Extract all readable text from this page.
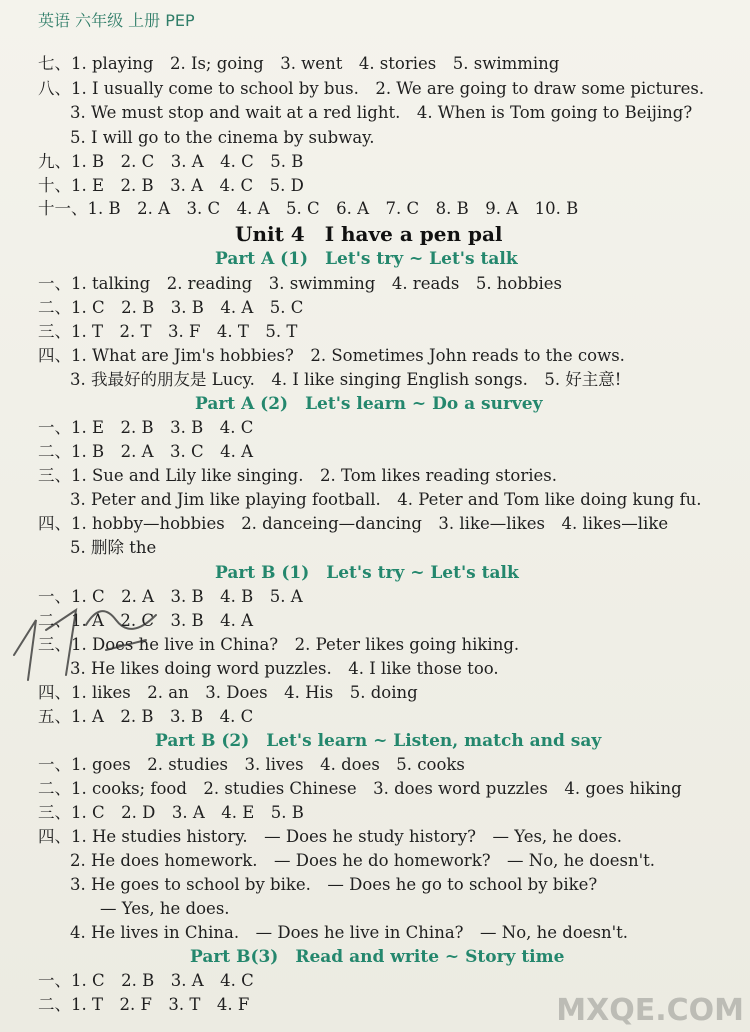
英语 六年级 上册 PEP
七、1. playing　2. Is; going　3. went　4. stories　5. swimming
八、1. I usually come to school by bus.　2. We are going to draw some pictures.
3. We must stop and wait at a red light.　4. When is Tom going to Beijing?
5. I will go to the cinema by subway.
九、1. B　2. C　3. A　4. C　5. B
十、1. E　2. B　3. A　4. C　5. D
十一、1. B　2. A　3. C　4. A　5. C　6. A　7. C　8. B　9. A　10. B
Unit 4　I have a pen pal
Part A (1)　Let's try ~ Let's talk
一、1. talking　2. reading　3. swimming　4. reads　5. hobbies
二、1. C　2. B　3. B　4. A　5. C
三、1. T　2. T　3. F　4. T　5. T
四、1. What are Jim's hobbies?　2. Sometimes John reads to the cows.
3. 我最好的朋友是 Lucy.　4. I like singing English songs.　5. 好主意!
Part A (2)　Let's learn ~ Do a survey
一、1. E　2. B　3. B　4. C
二、1. B　2. A　3. C　4. A
三、1. Sue and Lily like singing.　2. Tom likes reading stories.
3. Peter and Jim like playing football.　4. Peter and Tom like doing kung fu.
四、1. hobby—hobbies　2. danceing—dancing　3. like—likes　4. likes—like
5. 删除 the
Part B (1)　Let's try ~ Let's talk
一、1. C　2. A　3. B　4. B　5. A
二、1. A　2. C　3. B　4. A
三、1. Does he live in China?　2. Peter likes going hiking.
3. He likes doing word puzzles.　4. I like those too.
四、1. likes　2. an　3. Does　4. His　5. doing
五、1. A　2. B　3. B　4. C
Part B (2)　Let's learn ~ Listen, match and say
一、1. goes　2. studies　3. lives　4. does　5. cooks
二、1. cooks; food　2. studies Chinese　3. does word puzzles　4. goes hiking
三、1. C　2. D　3. A　4. E　5. B
四、1. He studies history.　— Does he study history?　— Yes, he does.
2. He does homework.　— Does he do homework?　— No, he doesn't.
3. He goes to school by bike.　— Does he go to school by bike?
— Yes, he does.
4. He lives in China.　— Does he live in China?　— No, he doesn't.
Part B(3)　Read and write ~ Story time
一、1. C　2. B　3. A　4. C
二、1. T　2. F　3. T　4. F	MXQE.COM
